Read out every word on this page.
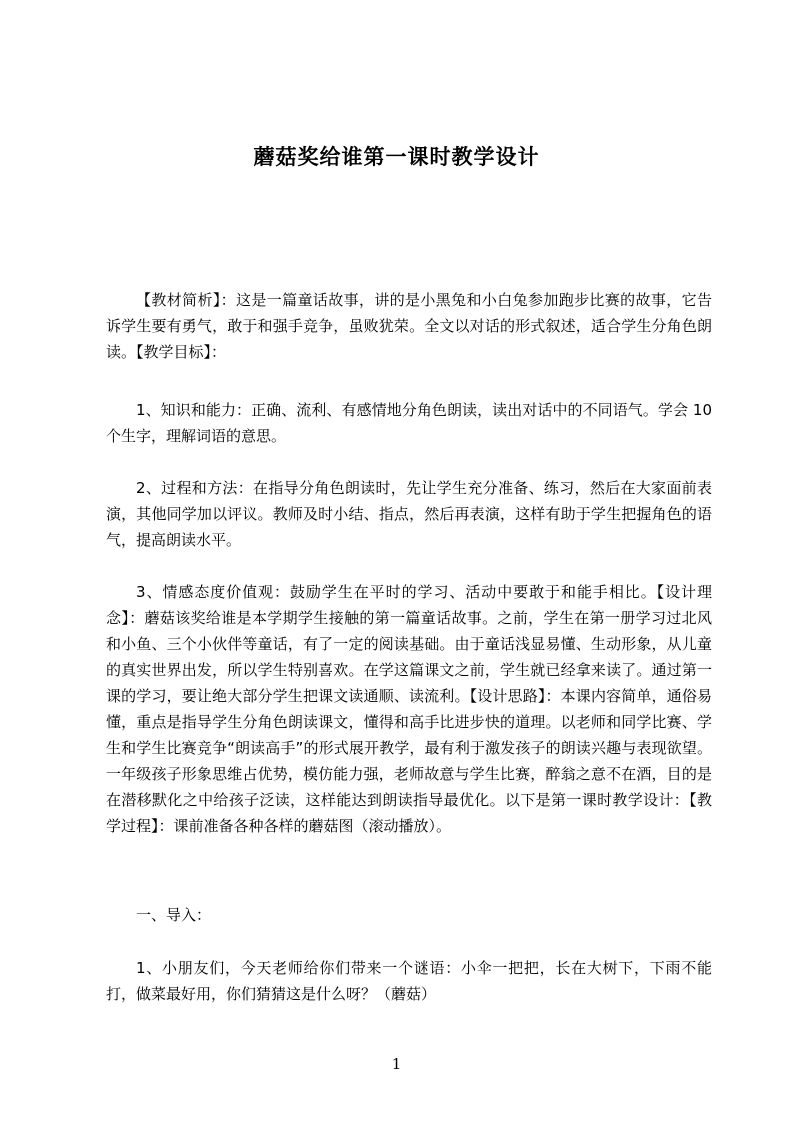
蘑菇奖给谁第一课时教学设计

【教材简析】：这是一篇童话故事，讲的是小黑兔和小白兔参加跑步比赛的故事，它告诉学生要有勇气，敢于和强手竞争，虽败犹荣。全文以对话的形式叙述，适合学生分角色朗读。【教学目标】：

1、知识和能力：正确、流利、有感情地分角色朗读，读出对话中的不同语气。学会 10 个生字，理解词语的意思。

2、过程和方法：在指导分角色朗读时，先让学生充分准备、练习，然后在大家面前表演，其他同学加以评议。教师及时小结、指点，然后再表演，这样有助于学生把握角色的语气，提高朗读水平。

3、情感态度价值观：鼓励学生在平时的学习、活动中要敢于和能手相比。【设计理念】：蘑菇该奖给谁是本学期学生接触的第一篇童话故事。之前，学生在第一册学习过北风和小鱼、三个小伙伴等童话，有了一定的阅读基础。由于童话浅显易懂、生动形象，从儿童的真实世界出发，所以学生特别喜欢。在学这篇课文之前，学生就已经拿来读了。通过第一课的学习，要让绝大部分学生把课文读通顺、读流利。【设计思路】：本课内容简单，通俗易懂，重点是指导学生分角色朗读课文，懂得和高手比进步快的道理。以老师和同学比赛、学生和学生比赛竞争“朗读高手”的形式展开教学，最有利于激发孩子的朗读兴趣与表现欲望。一年级孩子形象思维占优势，模仿能力强，老师故意与学生比赛，醉翁之意不在酒，目的是在潜移默化之中给孩子泛读，这样能达到朗读指导最优化。以下是第一课时教学设计：【教学过程】：课前准备各种各样的蘑菇图（滚动播放）。

一、导入：

1、小朋友们，今天老师给你们带来一个谜语：小伞一把把，长在大树下，下雨不能打，做菜最好用，你们猜猜这是什么呀？（蘑菇）

1
